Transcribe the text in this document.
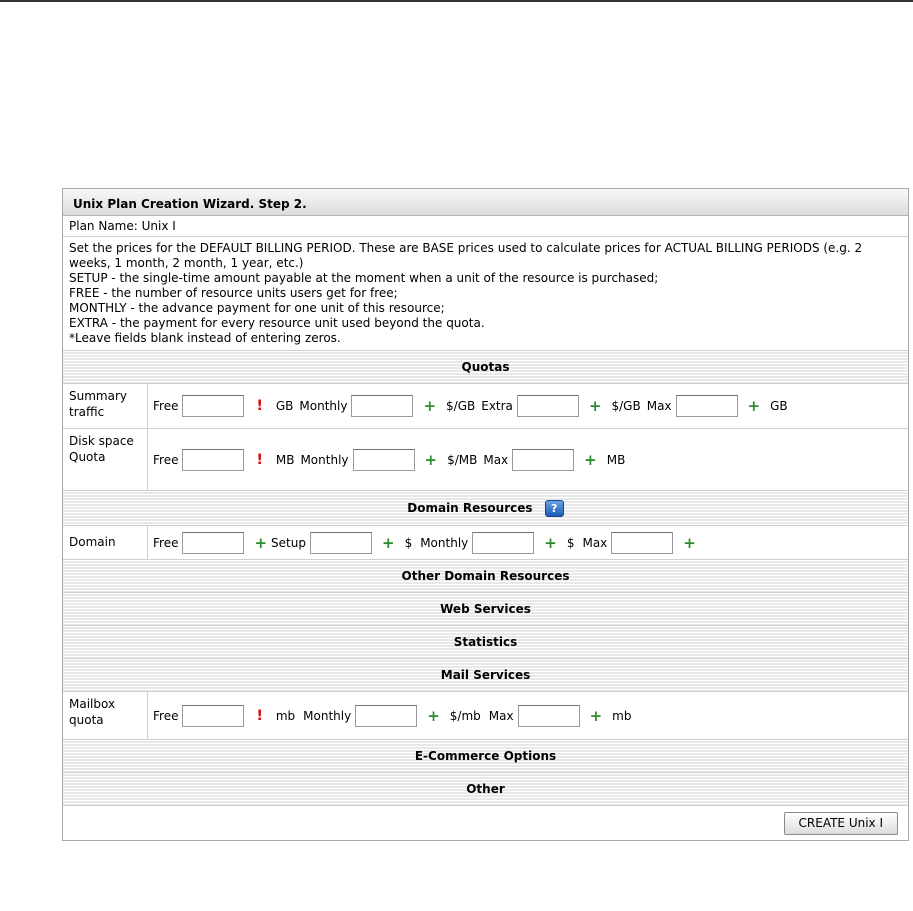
Unix Plan Creation Wizard. Step 2.
Plan Name: Unix I
Set the prices for the DEFAULT BILLING PERIOD. These are BASE prices used to calculate prices for ACTUAL BILLING PERIODS (e.g. 2 weeks, 1 month, 2 month, 1 year, etc.)
SETUP - the single-time amount payable at the moment when a unit of the resource is purchased;
FREE - the number of resource units users get for free;
MONTHLY - the advance payment for one unit of this resource;
EXTRA - the payment for every resource unit used beyond the quota.
*Leave fields blank instead of entering zeros.
Quotas
Summary traffic	Free	! GB Monthly	+ $/GB Extra	+ $/GB Max	+ GB
Disk space Quota	Free	! MB Monthly	+ $/MB Max	+ MB
Domain Resources ?
Domain	Free	+ Setup	+ $ Monthly	+ $ Max	+
Other Domain Resources
Web Services
Statistics
Mail Services
Mailbox quota	Free	! mb Monthly	+ $/mb Max	+ mb
E-Commerce Options
Other
CREATE Unix I
